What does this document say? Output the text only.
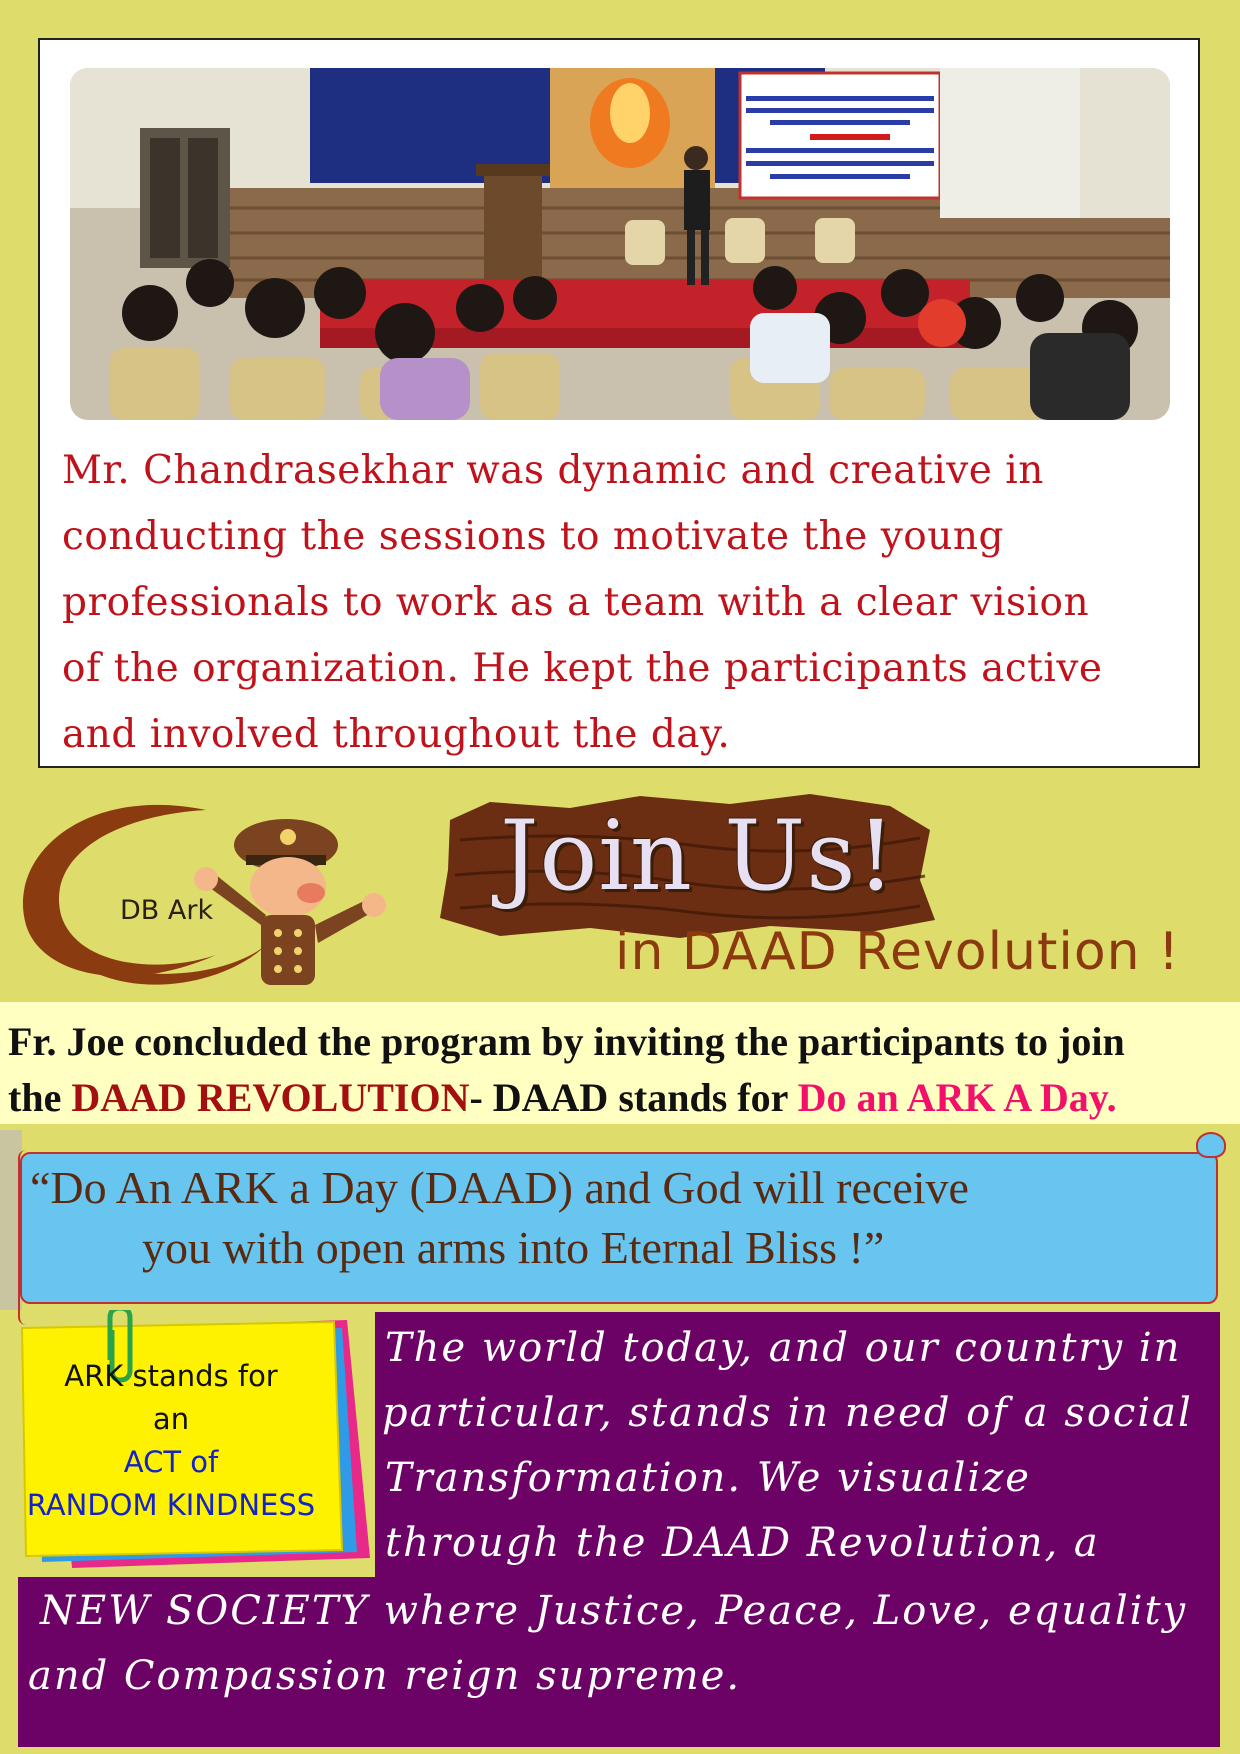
Mr. Chandrasekhar was dynamic and creative in
conducting the sessions to motivate the young
professionals to work as a team with a clear vision
of the organization. He kept the participants active
and involved throughout the day.
DB Ark	Join Us!
in DAAD Revolution !
Fr. Joe concluded the program by inviting the participants to join
the DAAD REVOLUTION- DAAD stands for Do an ARK A Day.
“Do An ARK a Day (DAAD) and God will receive
you with open arms into Eternal Bliss !”
ARK stands for
an
ACT of
RANDOM KINDNESS
The world today, and our country in
particular, stands in need of a social
Transformation. We visualize
through the DAAD Revolution, a
NEW SOCIETY where Justice, Peace, Love, equality
and Compassion reign supreme.
